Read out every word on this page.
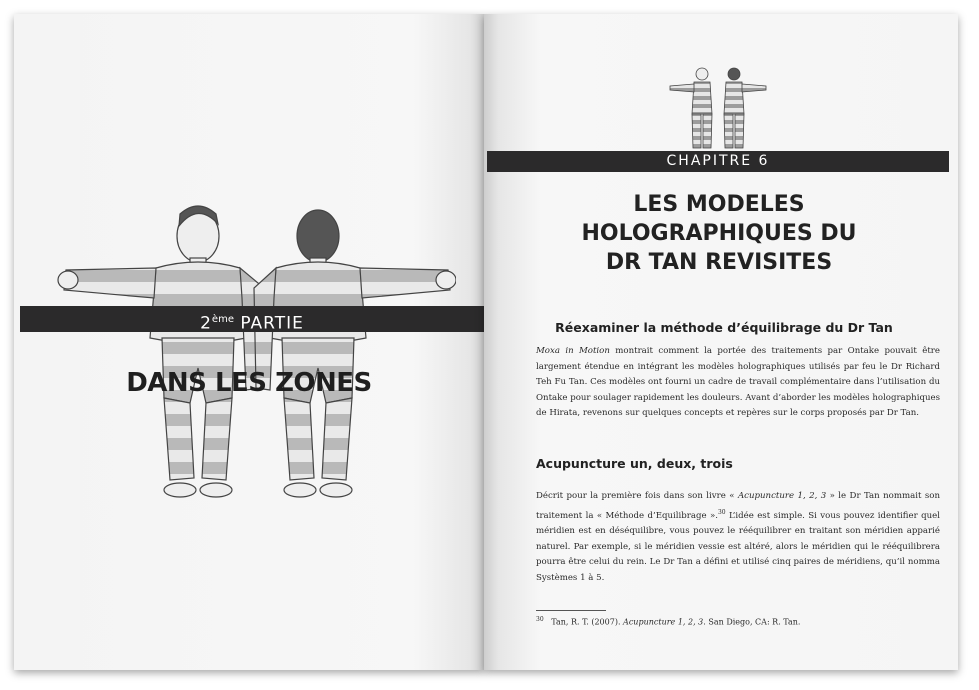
2ème PARTIE
DANS LES ZONES
CHAPITRE 6
LES MODELES
HOLOGRAPHIQUES DU
DR TAN REVISITES
Réexaminer la méthode d’équilibrage du Dr Tan
Moxa in Motion montrait comment la portée des traitements par Ontake pouvait être largement étendue en intégrant les modèles holographiques utilisés par feu le Dr Richard Teh Fu Tan. Ces modèles ont fourni un cadre de travail complémentaire dans l’utilisation du Ontake pour soulager rapidement les douleurs. Avant d’aborder les modèles holographiques de Hirata, revenons sur quelques concepts et repères sur le corps proposés par Dr Tan.
Acupuncture un, deux, trois
Décrit pour la première fois dans son livre « Acupuncture 1, 2, 3 » le Dr Tan nommait son traitement la « Méthode d’Equilibrage ».$^{30}$ L’idée est simple. Si vous pouvez identifier quel méridien est en déséquilibre, vous pouvez le rééquilibrer en traitant son méridien apparié naturel. Par exemple, si le méridien vessie est altéré, alors le méridien qui le rééquilibrera pourra être celui du rein. Le Dr Tan a défini et utilisé cinq paires de méridiens, qu’il nomma Systèmes 1 à 5.
$^{30}$   Tan, R. T. (2007). Acupuncture 1, 2, 3. San Diego, CA: R. Tan.
